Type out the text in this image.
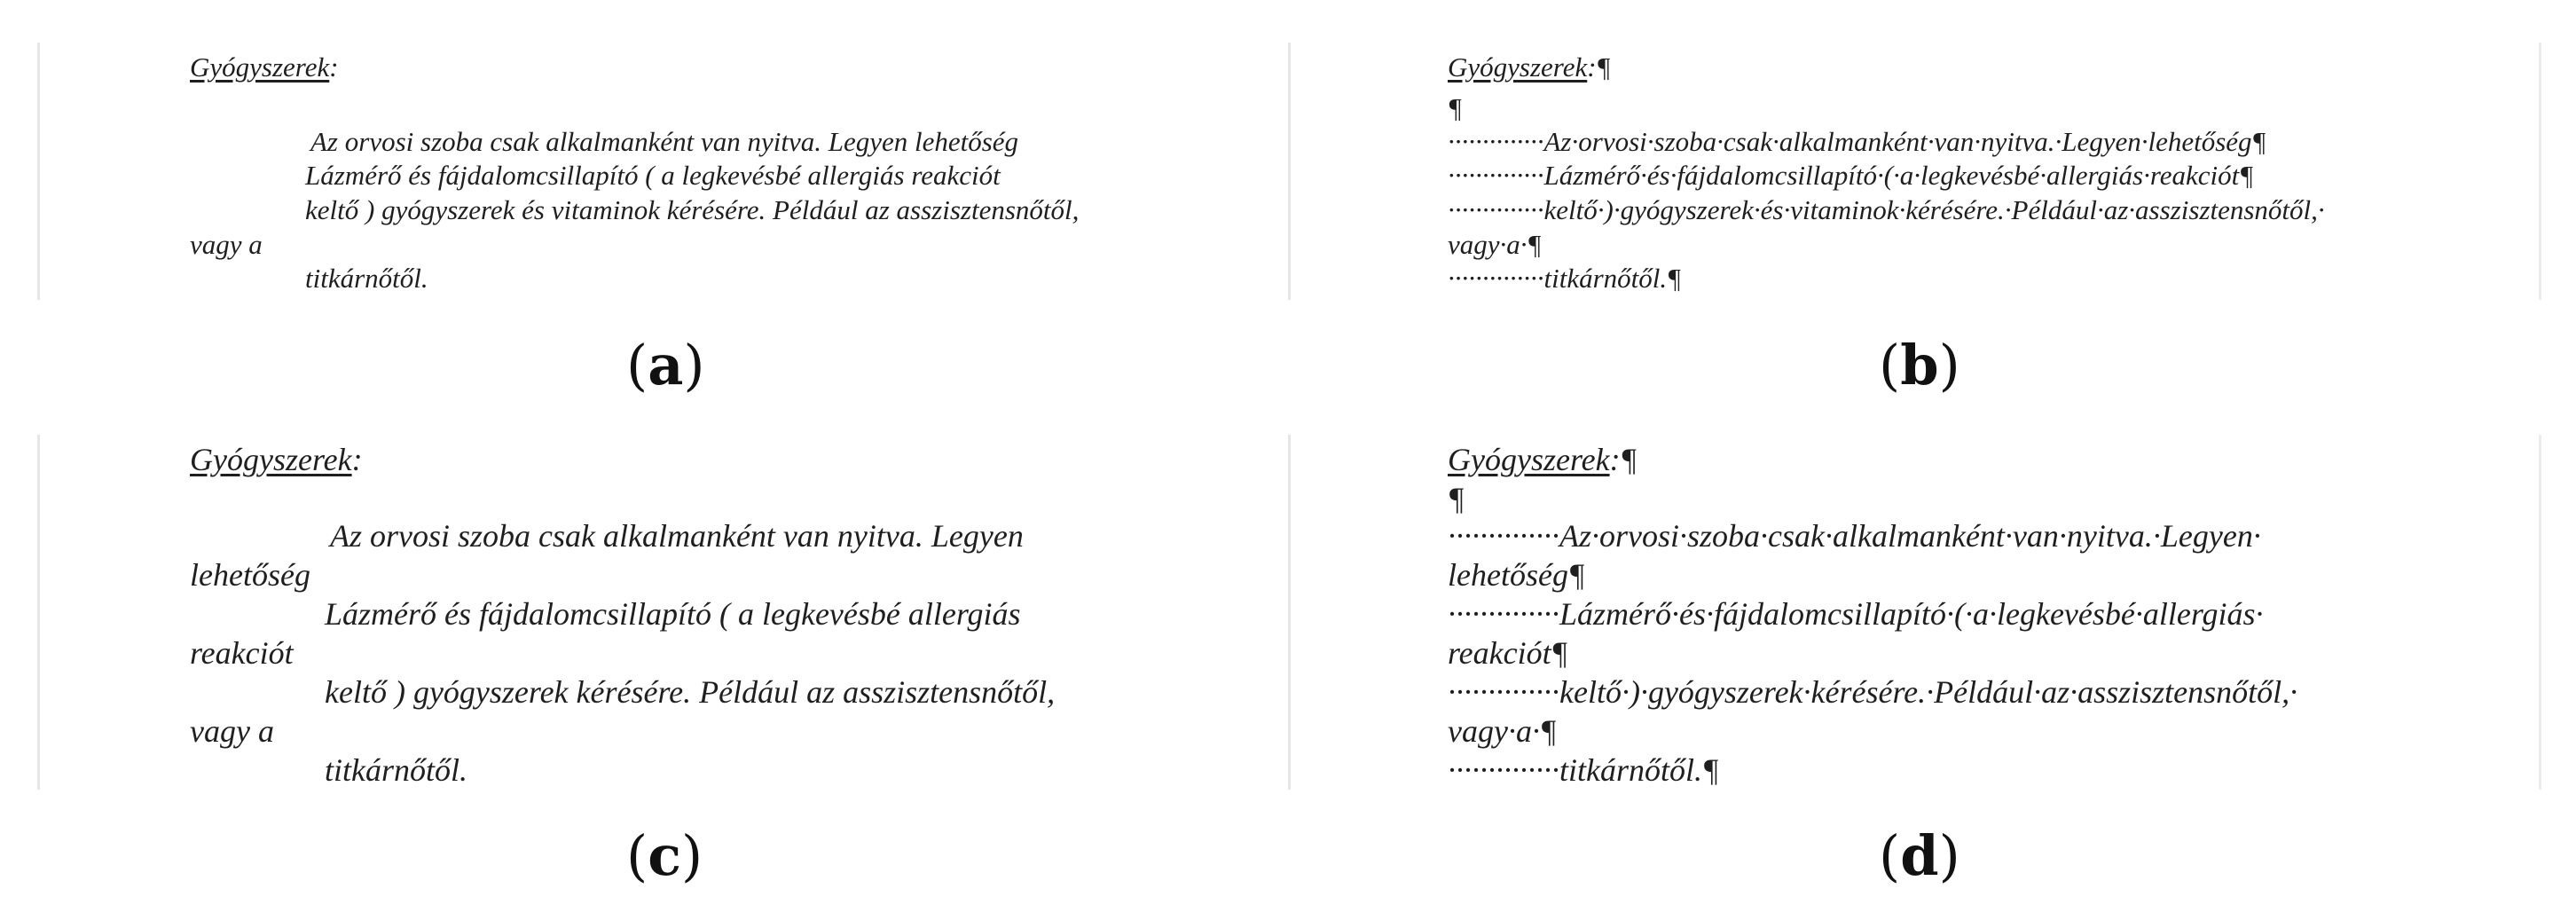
Gyógyszerek:
Az orvosi szoba csak alkalmanként van nyitva. Legyen lehetőség
Lázmérő és fájdalomcsillapító ( a legkevésbé allergiás reakciót
keltő ) gyógyszerek és vitaminok kérésére. Például az asszisztensnőtől,
vagy a
titkárnőtől.
(a)
Gyógyszerek:¶
¶
··············Az·orvosi·szoba·csak·alkalmanként·van·nyitva.·Legyen·lehetőség¶
··············Lázmérő·és·fájdalomcsillapító·(·a·legkevésbé·allergiás·reakciót¶
··············keltő·)·gyógyszerek·és·vitaminok·kérésére.·Például·az·asszisztensnőtől,·
vagy·a·¶
··············titkárnőtől.¶
(b)
Gyógyszerek:
Az orvosi szoba csak alkalmanként van nyitva. Legyen
lehetőség
Lázmérő és fájdalomcsillapító ( a legkevésbé allergiás
reakciót
keltő ) gyógyszerek kérésére. Például az asszisztensnőtől,
vagy a
titkárnőtől.
(c)
Gyógyszerek:¶
¶
··············Az·orvosi·szoba·csak·alkalmanként·van·nyitva.·Legyen·
lehetőség¶
··············Lázmérő·és·fájdalomcsillapító·(·a·legkevésbé·allergiás·
reakciót¶
··············keltő·)·gyógyszerek·kérésére.·Például·az·asszisztensnőtől,·
vagy·a·¶
··············titkárnőtől.¶
(d)
